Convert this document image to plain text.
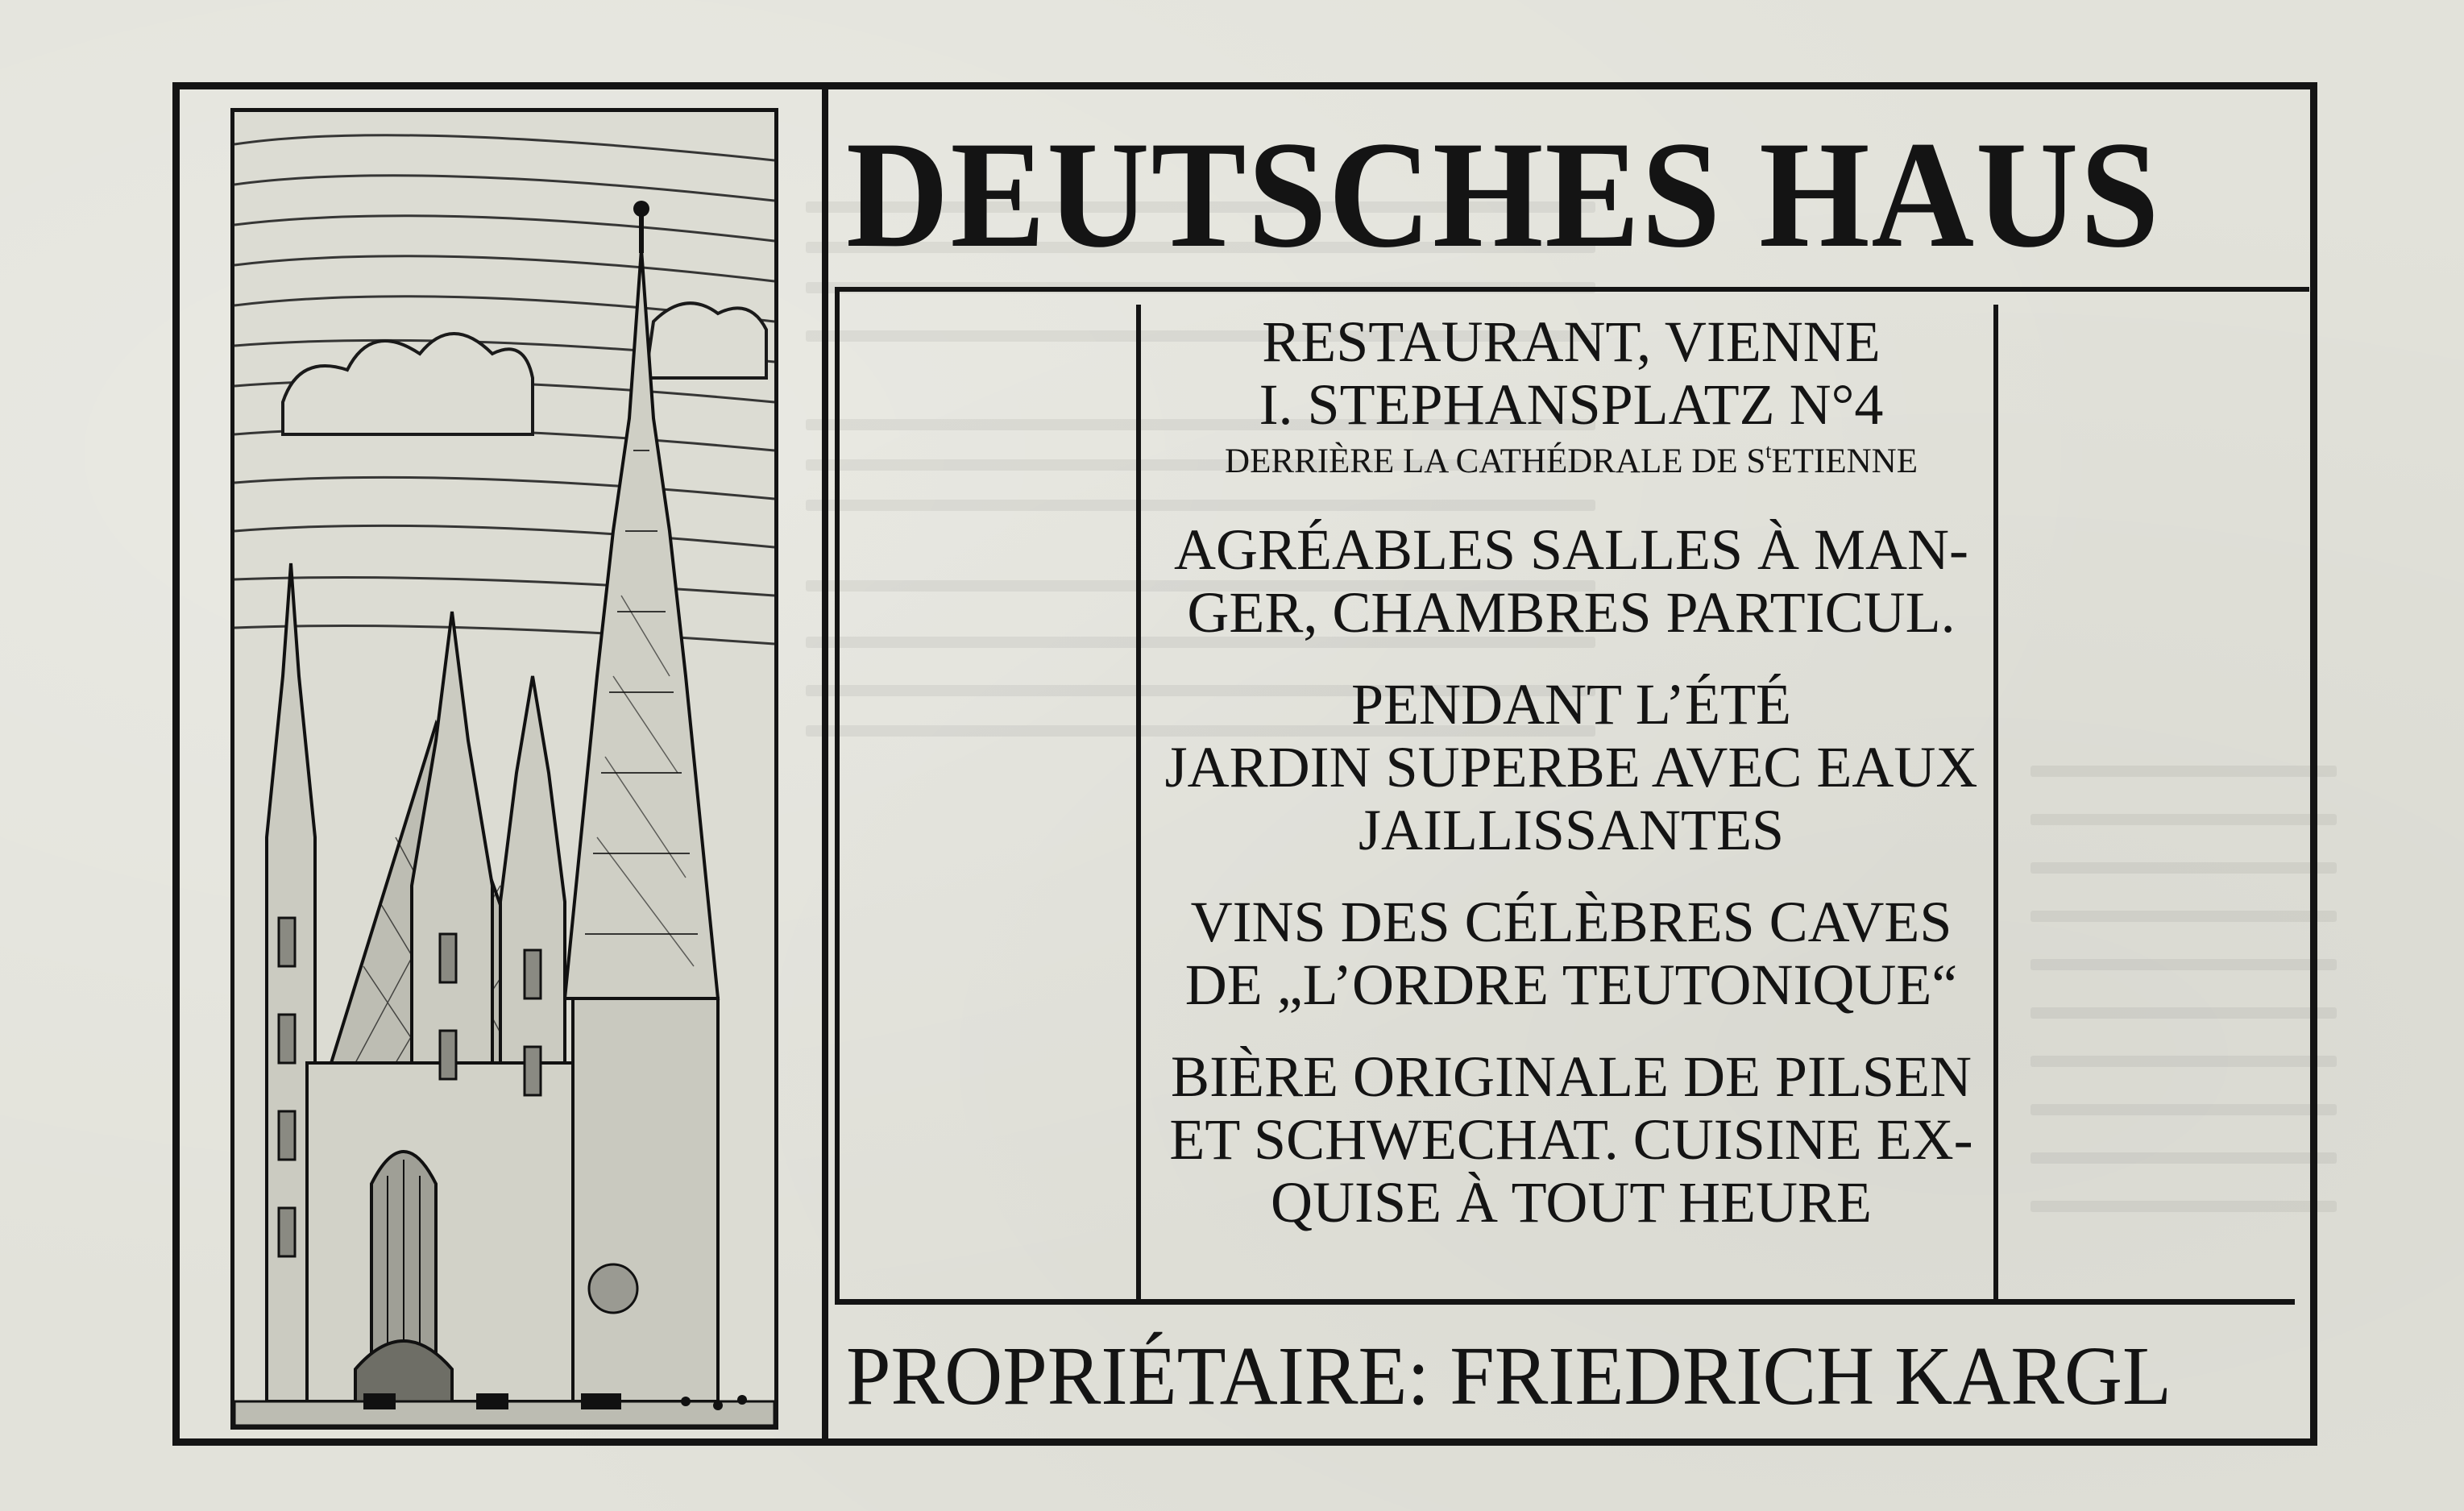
DEUTSCHES HAUS
RESTAURANT, VIENNE
I. STEPHANSPLATZ N°4
DERRIÈRE LA CATHÉDRALE DE $S^tETIENNE$
AGRÉABLES SALLES À MAN-
GER, CHAMBRES PARTICUL.
PENDANT L’ÉTÉ
JARDIN SUPERBE AVEC EAUX
JAILLISSANTES
VINS DES CÉLÈBRES CAVES
DE „L’ORDRE TEUTONIQUE“
BIÈRE ORIGINALE DE PILSEN
ET SCHWECHAT. CUISINE EX-
QUISE À TOUT HEURE
PROPRIÉTAIRE: FRIEDRICH KARGL
